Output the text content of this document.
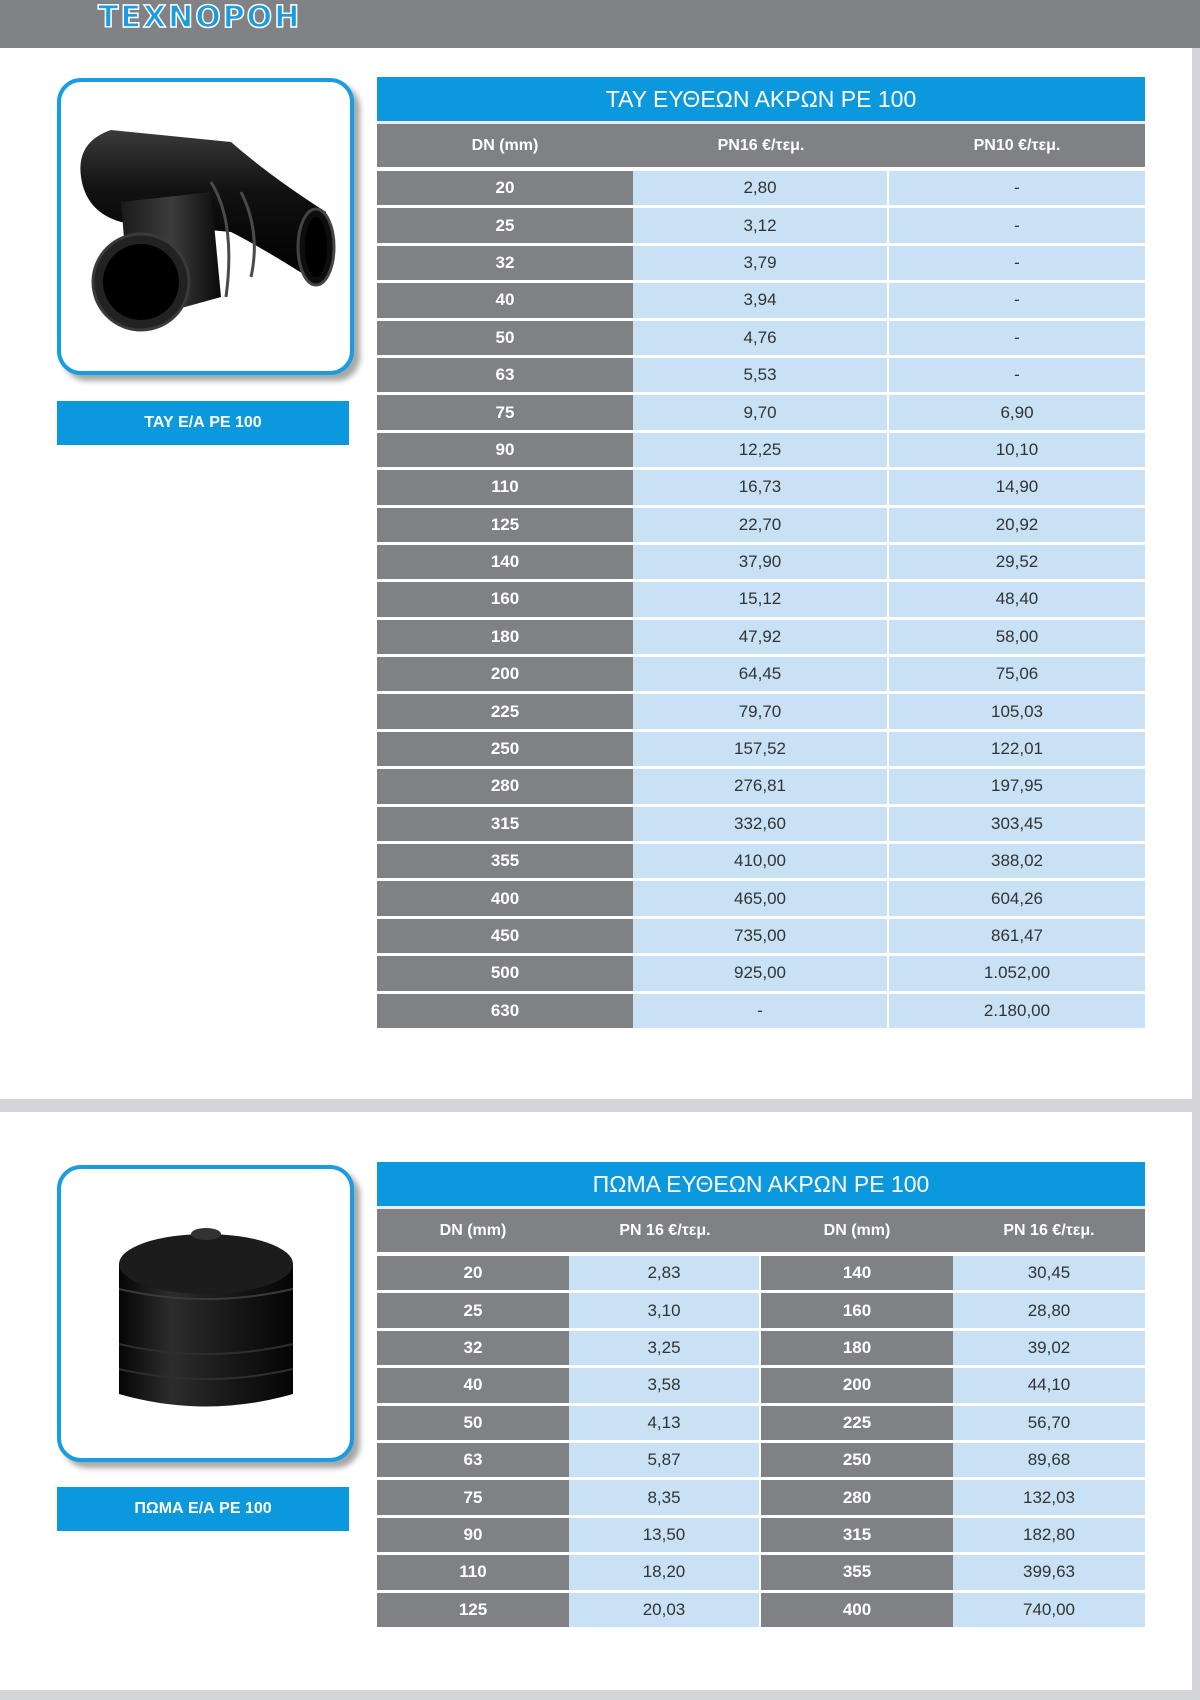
ΤΕΧΝΟΡΟΗ
ΤΑΥ Ε/Α PE 100
ΤΑΥ ΕΥΘΕΩΝ ΑΚΡΩΝ PE 100
DN (mm)	PN16 €/τεμ.	PN10 €/τεμ.
20	2,80	-
25	3,12	-
32	3,79	-
40	3,94	-
50	4,76	-
63	5,53	-
75	9,70	6,90
90	12,25	10,10
110	16,73	14,90
125	22,70	20,92
140	37,90	29,52
160	15,12	48,40
180	47,92	58,00
200	64,45	75,06
225	79,70	105,03
250	157,52	122,01
280	276,81	197,95
315	332,60	303,45
355	410,00	388,02
400	465,00	604,26
450	735,00	861,47
500	925,00	1.052,00
630	-	2.180,00
ΠΩΜΑ Ε/Α PE 100
ΠΩΜΑ ΕΥΘΕΩΝ ΑΚΡΩΝ PE 100
DN (mm)	PN 16 €/τεμ.	DN (mm)	PN 16 €/τεμ.
20	2,83	140	30,45
25	3,10	160	28,80
32	3,25	180	39,02
40	3,58	200	44,10
50	4,13	225	56,70
63	5,87	250	89,68
75	8,35	280	132,03
90	13,50	315	182,80
110	18,20	355	399,63
125	20,03	400	740,00
